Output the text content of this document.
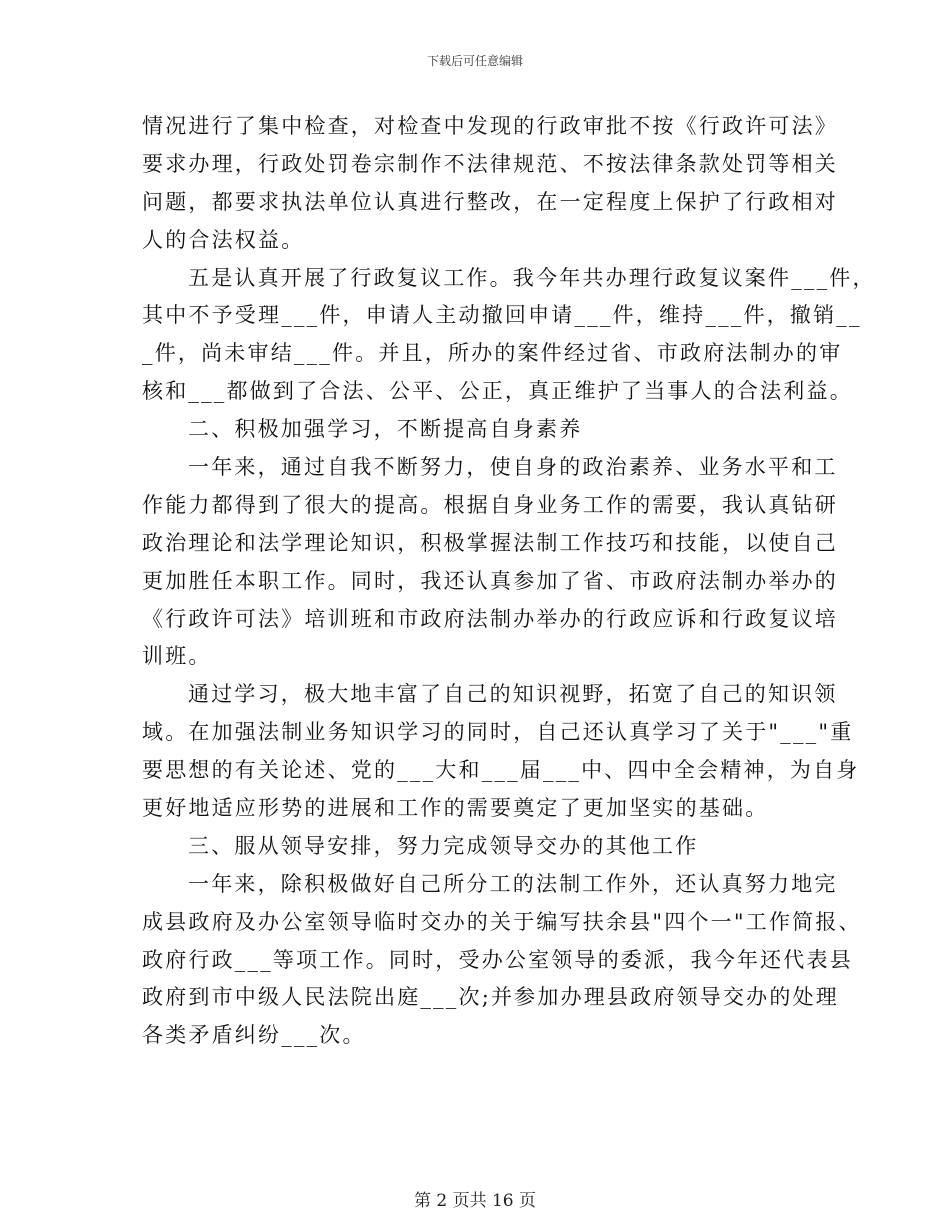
下载后可任意编辑
情况进行了集中检查，对检查中发现的行政审批不按《行政许可法》
要求办理，行政处罚卷宗制作不法律规范、不按法律条款处罚等相关
问题，都要求执法单位认真进行整改，在一定程度上保护了行政相对
人的合法权益。
五是认真开展了行政复议工作。我今年共办理行政复议案件___件，
其中不予受理___件，申请人主动撤回申请___件，维持___件，撤销__
_件，尚未审结___件。并且，所办的案件经过省、市政府法制办的审
核和___都做到了合法、公平、公正，真正维护了当事人的合法利益。
二、积极加强学习，不断提高自身素养
一年来，通过自我不断努力，使自身的政治素养、业务水平和工
作能力都得到了很大的提高。根据自身业务工作的需要，我认真钻研
政治理论和法学理论知识，积极掌握法制工作技巧和技能，以使自己
更加胜任本职工作。同时，我还认真参加了省、市政府法制办举办的
《行政许可法》培训班和市政府法制办举办的行政应诉和行政复议培
训班。
通过学习，极大地丰富了自己的知识视野，拓宽了自己的知识领
域。在加强法制业务知识学习的同时，自己还认真学习了关于"___"重
要思想的有关论述、党的___大和___届___中、四中全会精神，为自身
更好地适应形势的进展和工作的需要奠定了更加坚实的基础。
三、服从领导安排，努力完成领导交办的其他工作
一年来，除积极做好自己所分工的法制工作外，还认真努力地完
成县政府及办公室领导临时交办的关于编写扶余县"四个一"工作简报、
政府行政___等项工作。同时，受办公室领导的委派，我今年还代表县
政府到市中级人民法院出庭___次;并参加办理县政府领导交办的处理
各类矛盾纠纷___次。
第 2 页共 16 页
